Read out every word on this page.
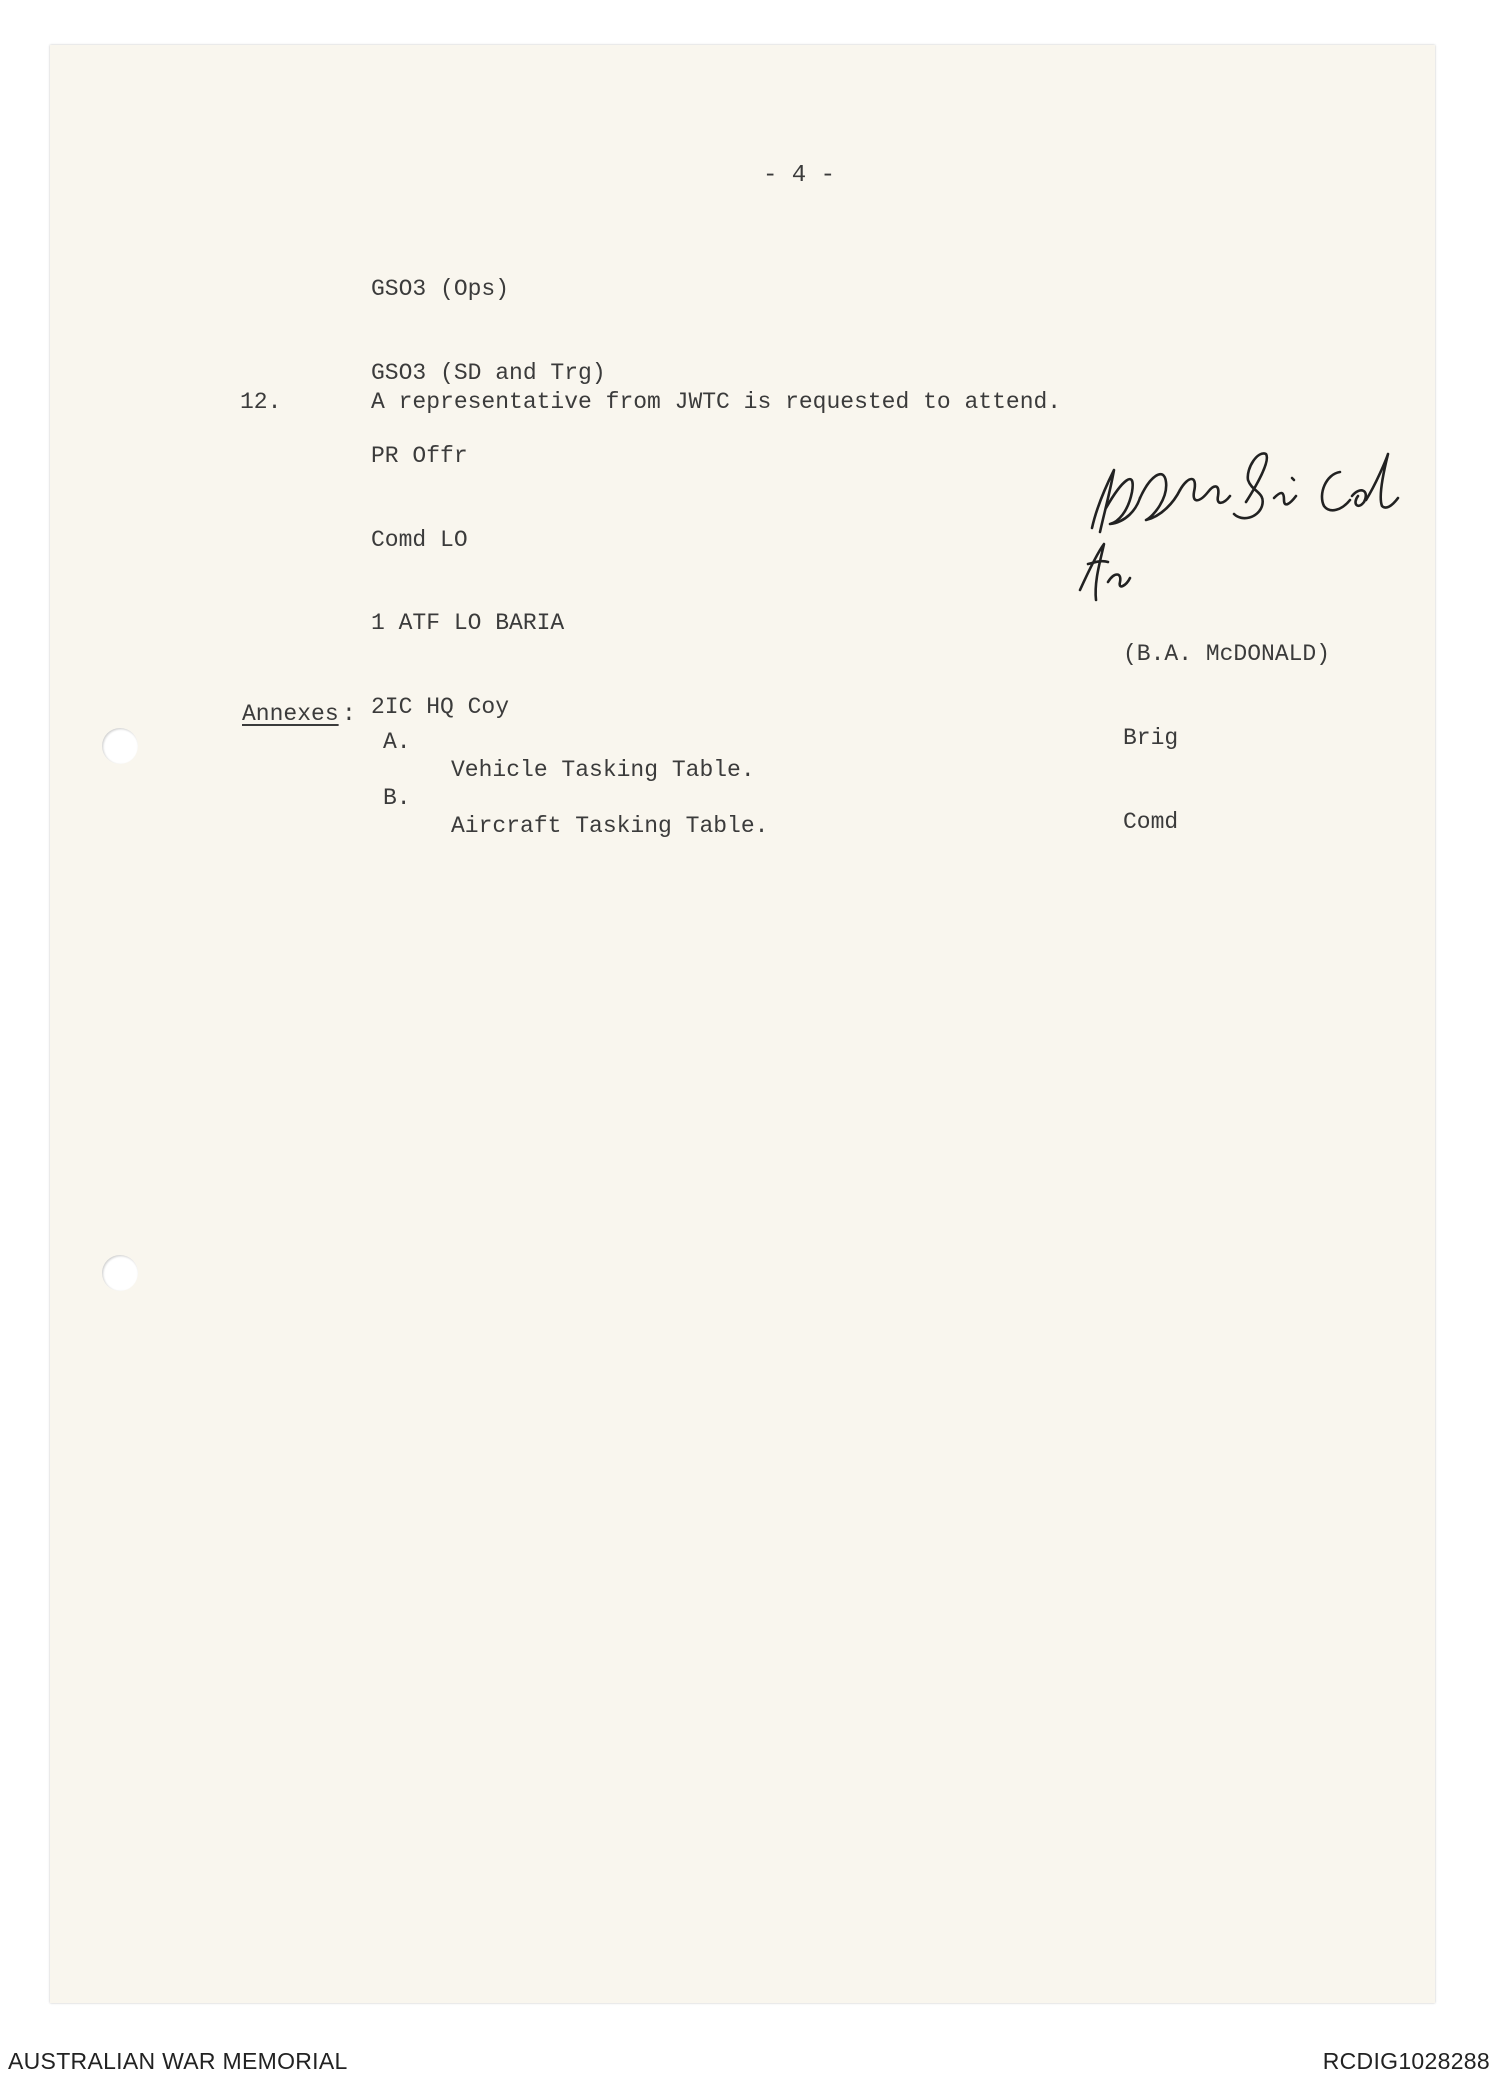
- 4 -

GSO3 (Ops)

GSO3 (SD and Trg)

PR Offr

Comd LO

1 ATF LO BARIA

2IC HQ Coy

12.	A representative from JWTC is requested to attend.

(B.A. McDONALD)

Brig

Comd

Annexes :

A.

Vehicle Tasking Table.

B.

Aircraft Tasking Table.

AUSTRALIAN WAR MEMORIAL	RCDIG1028288
